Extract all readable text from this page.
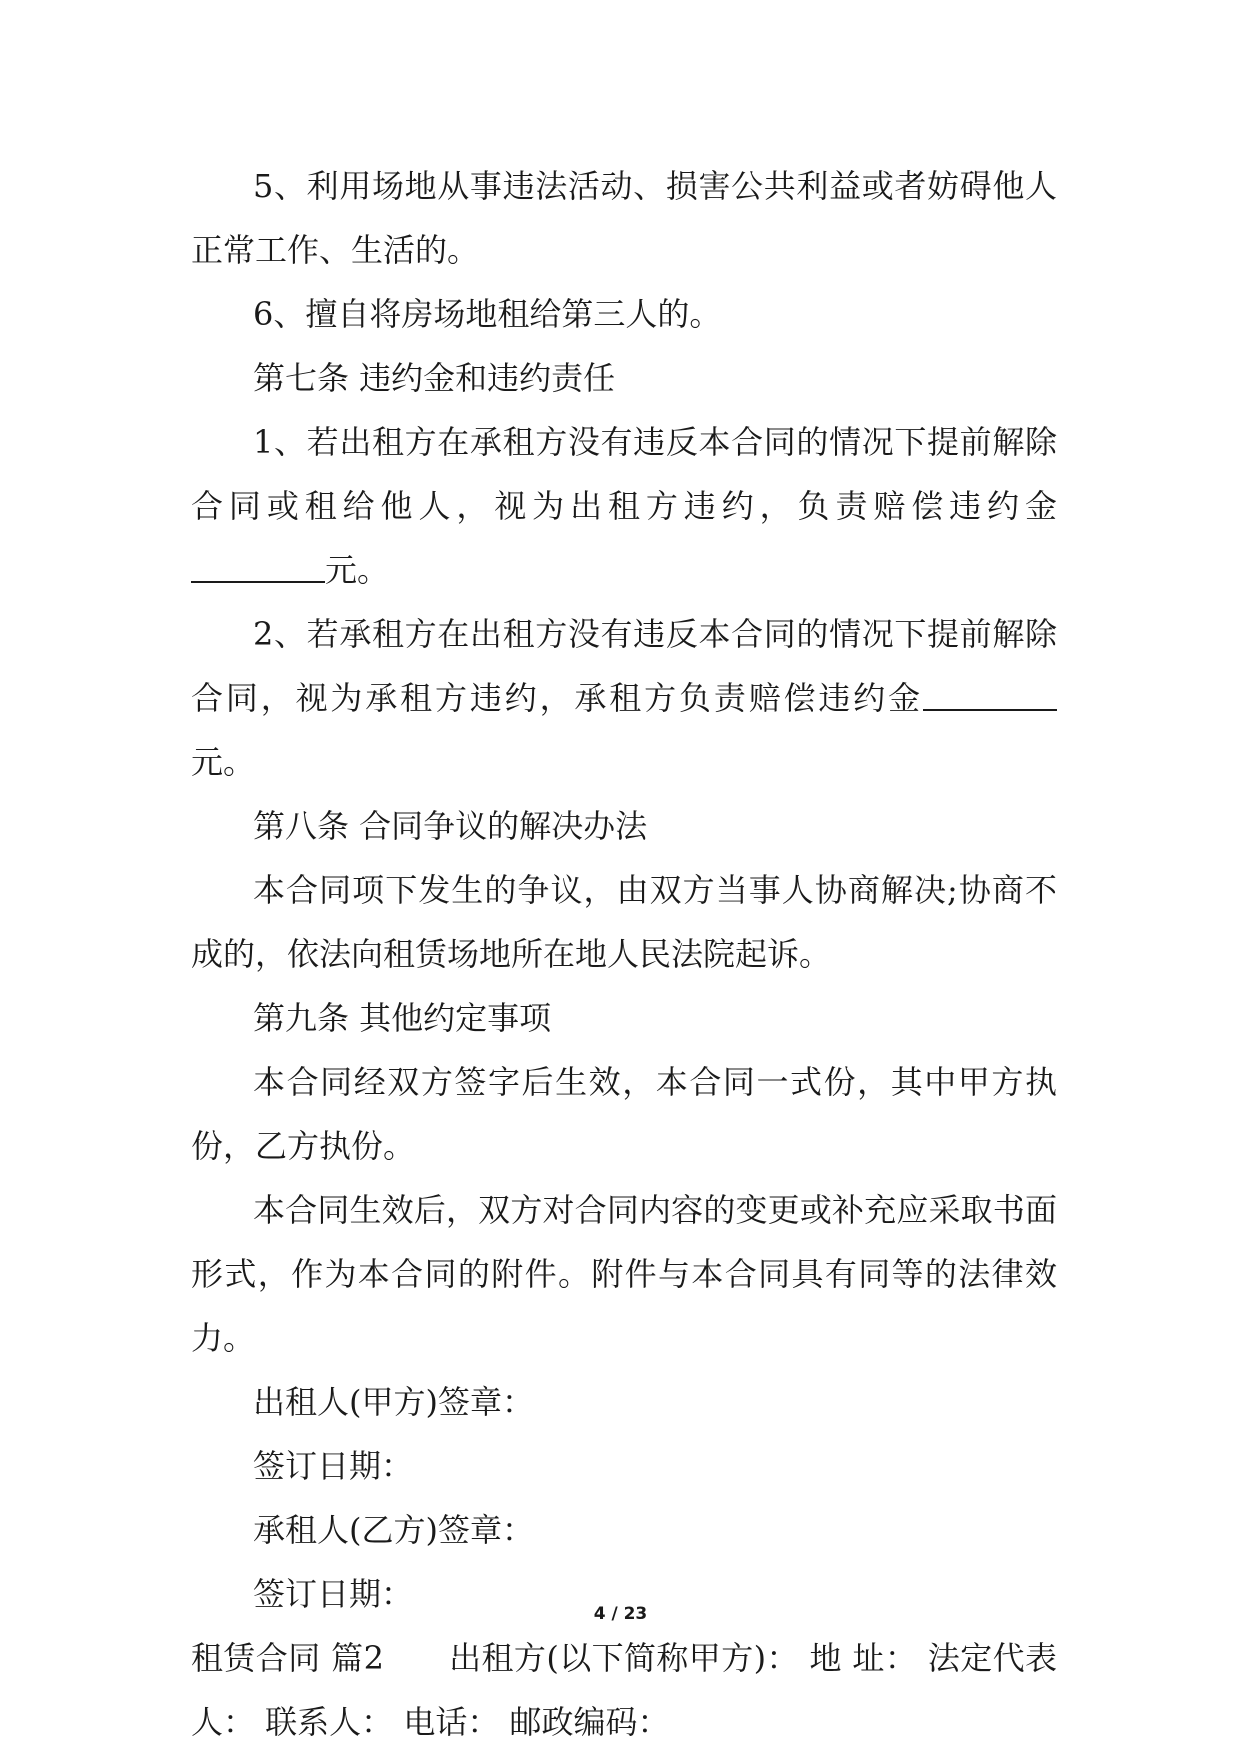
5、利用场地从事违法活动、损害公共利益或者妨碍他人正常工作、生活的。

6、擅自将房场地租给第三人的。

第七条 违约金和违约责任

1、若出租方在承租方没有违反本合同的情况下提前解除合同或租给他人，视为出租方违约，负责赔偿违约金元。

2、若承租方在出租方没有违反本合同的情况下提前解除合同，视为承租方违约，承租方负责赔偿违约金元。

第八条 合同争议的解决办法

本合同项下发生的争议，由双方当事人协商解决;协商不成的，依法向租赁场地所在地人民法院起诉。

第九条 其他约定事项

本合同经双方签字后生效，本合同一式份，其中甲方执份，乙方执份。

本合同生效后，双方对合同内容的变更或补充应采取书面形式，作为本合同的附件。附件与本合同具有同等的法律效力。

出租人(甲方)签章：

签订日期：

承租人(乙方)签章：

签订日期：

租赁合同 篇2　　出租方(以下简称甲方)： 地 址： 法定代表人： 联系人： 电话： 邮政编码：

4 / 23
